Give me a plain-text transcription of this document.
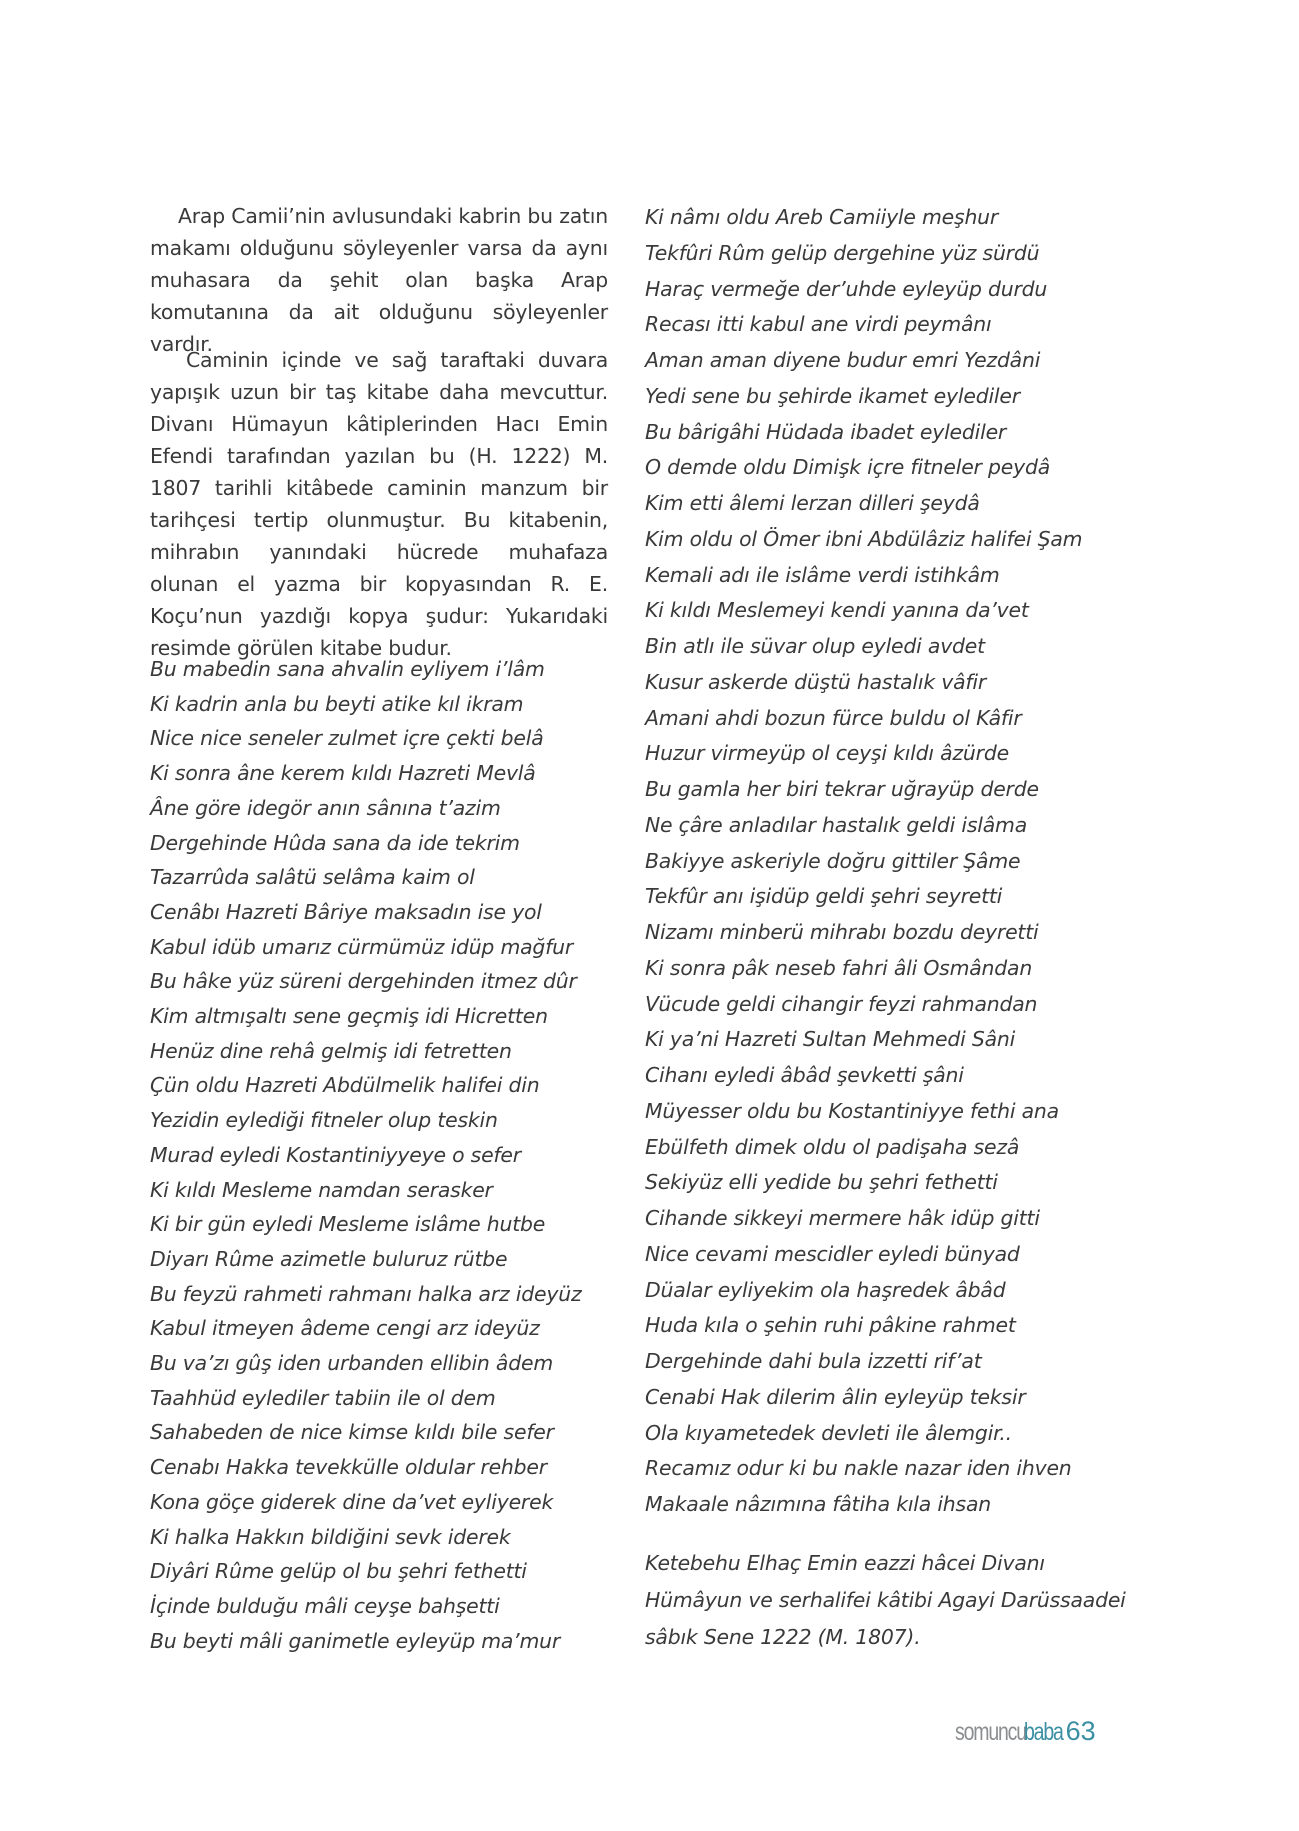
Arap Camii’nin avlusundaki kabrin bu zatın makamı olduğunu söyleyenler varsa da aynı muhasara da şehit olan başka Arap komutanına da ait olduğunu söyleyenler vardır.

Caminin içinde ve sağ taraftaki duvara yapışık uzun bir taş kitabe daha mevcuttur. Divanı Hümayun kâtiplerinden Hacı Emin Efendi tarafından yazılan bu (H. 1222) M. 1807 tarihli kitâbede caminin manzum bir tarihçesi tertip olunmuştur. Bu kitabenin, mihrabın yanındaki hücrede muhafaza olunan el yazma bir kopyasından R. E. Koçu’nun yazdığı kopya şudur: Yukarıdaki resimde görülen kitabe budur.

Bu mabedin sana ahvalin eyliyem i’lâm
Ki kadrin anla bu beyti atike kıl ikram
Nice nice seneler zulmet içre çekti belâ
Ki sonra âne kerem kıldı Hazreti Mevlâ
Âne göre idegör anın sânına t’azim
Dergehinde Hûda sana da ide tekrim
Tazarrûda salâtü selâma kaim ol
Cenâbı Hazreti Bâriye maksadın ise yol
Kabul idüb umarız cürmümüz idüp mağfur
Bu hâke yüz süreni dergehinden itmez dûr
Kim altmışaltı sene geçmiş idi Hicretten
Henüz dine rehâ gelmiş idi fetretten
Çün oldu Hazreti Abdülmelik halifei din
Yezidin eylediği fitneler olup teskin
Murad eyledi Kostantiniyyeye o sefer
Ki kıldı Mesleme namdan serasker
Ki bir gün eyledi Mesleme islâme hutbe
Diyarı Rûme azimetle buluruz rütbe
Bu feyzü rahmeti rahmanı halka arz ideyüz
Kabul itmeyen âdeme cengi arz ideyüz
Bu va’zı gûş iden urbanden ellibin âdem
Taahhüd eylediler tabiin ile ol dem
Sahabeden de nice kimse kıldı bile sefer
Cenabı Hakka tevekkülle oldular rehber
Kona göçe giderek dine da’vet eyliyerek
Ki halka Hakkın bildiğini sevk iderek
Diyâri Rûme gelüp ol bu şehri fethetti
İçinde bulduğu mâli ceyşe bahşetti
Bu beyti mâli ganimetle eyleyüp ma’mur
Ki nâmı oldu Areb Camiiyle meşhur
Tekfûri Rûm gelüp dergehine yüz sürdü
Haraç vermeğe der’uhde eyleyüp durdu
Recası itti kabul ane virdi peymânı
Aman aman diyene budur emri Yezdâni
Yedi sene bu şehirde ikamet eylediler
Bu bârigâhi Hüdada ibadet eylediler
O demde oldu Dimişk içre fitneler peydâ
Kim etti âlemi lerzan dilleri şeydâ
Kim oldu ol Ömer ibni Abdülâziz halifei Şam
Kemali adı ile islâme verdi istihkâm
Ki kıldı Meslemeyi kendi yanına da’vet
Bin atlı ile süvar olup eyledi avdet
Kusur askerde düştü hastalık vâfir
Amani ahdi bozun fürce buldu ol Kâfir
Huzur virmeyüp ol ceyşi kıldı âzürde
Bu gamla her biri tekrar uğrayüp derde
Ne çâre anladılar hastalık geldi islâma
Bakiyye askeriyle doğru gittiler Şâme
Tekfûr anı işidüp geldi şehri seyretti
Nizamı minberü mihrabı bozdu deyretti
Ki sonra pâk neseb fahri âli Osmândan
Vücude geldi cihangir feyzi rahmandan
Ki ya’ni Hazreti Sultan Mehmedi Sâni
Cihanı eyledi âbâd şevketti şâni
Müyesser oldu bu Kostantiniyye fethi ana
Ebülfeth dimek oldu ol padişaha sezâ
Sekiyüz elli yedide bu şehri fethetti
Cihande sikkeyi mermere hâk idüp gitti
Nice cevami mescidler eyledi bünyad
Düalar eyliyekim ola haşredek âbâd
Huda kıla o şehin ruhi pâkine rahmet
Dergehinde dahi bula izzetti rif’at
Cenabi Hak dilerim âlin eyleyüp teksir
Ola kıyametedek devleti ile âlemgir..
Recamız odur ki bu nakle nazar iden ihven
Makaale nâzımına fâtiha kıla ihsan
Ketebehu Elhaç Emin eazzi hâcei Divanı
Hümâyun ve serhalifei kâtibi Agayi Darüssaadei
sâbık Sene 1222 (M. 1807).
somuncu
baba 63
